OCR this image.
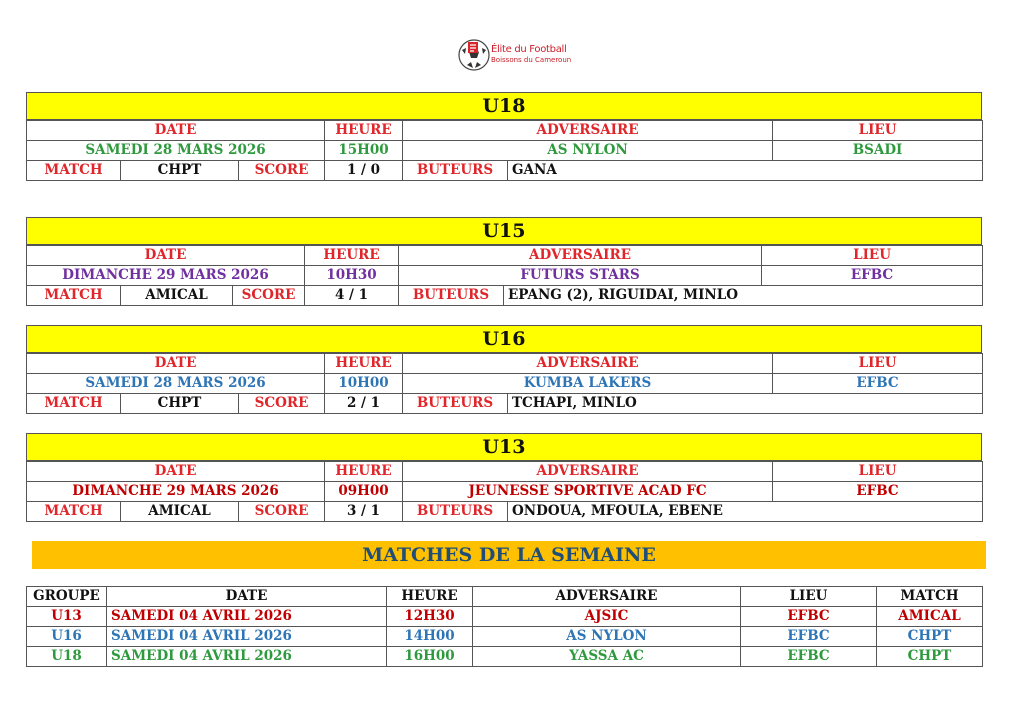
Élite du Football
Boissons du Cameroun
U18
DATE			HEURE	ADVERSAIRE		LIEU
SAMEDI 28 MARS 2026			15H00	AS NYLON		BSADI
MATCH	CHPT	SCORE	1 / 0	BUTEURS	GANA	
U15
DATE			HEURE	ADVERSAIRE		LIEU
DIMANCHE 29 MARS 2026			10H30	FUTURS STARS		EFBC
MATCH	AMICAL	SCORE	4 / 1	BUTEURS	EPANG (2), RIGUIDAI, MINLO	
U16
DATE			HEURE	ADVERSAIRE		LIEU
SAMEDI 28 MARS 2026			10H00	KUMBA LAKERS		EFBC
MATCH	CHPT	SCORE	2 / 1	BUTEURS	TCHAPI, MINLO	
U13
DATE			HEURE	ADVERSAIRE		LIEU
DIMANCHE 29 MARS 2026			09H00	JEUNESSE SPORTIVE ACAD FC		EFBC
MATCH	AMICAL	SCORE	3 / 1	BUTEURS	ONDOUA, MFOULA, EBENE	
MATCHES DE LA SEMAINE
GROUPE	DATE	HEURE	ADVERSAIRE	LIEU	MATCH
U13	SAMEDI 04 AVRIL 2026	12H30	AJSIC	EFBC	AMICAL
U16	SAMEDI 04 AVRIL 2026	14H00	AS NYLON	EFBC	CHPT
U18	SAMEDI 04 AVRIL 2026	16H00	YASSA AC	EFBC	CHPT
